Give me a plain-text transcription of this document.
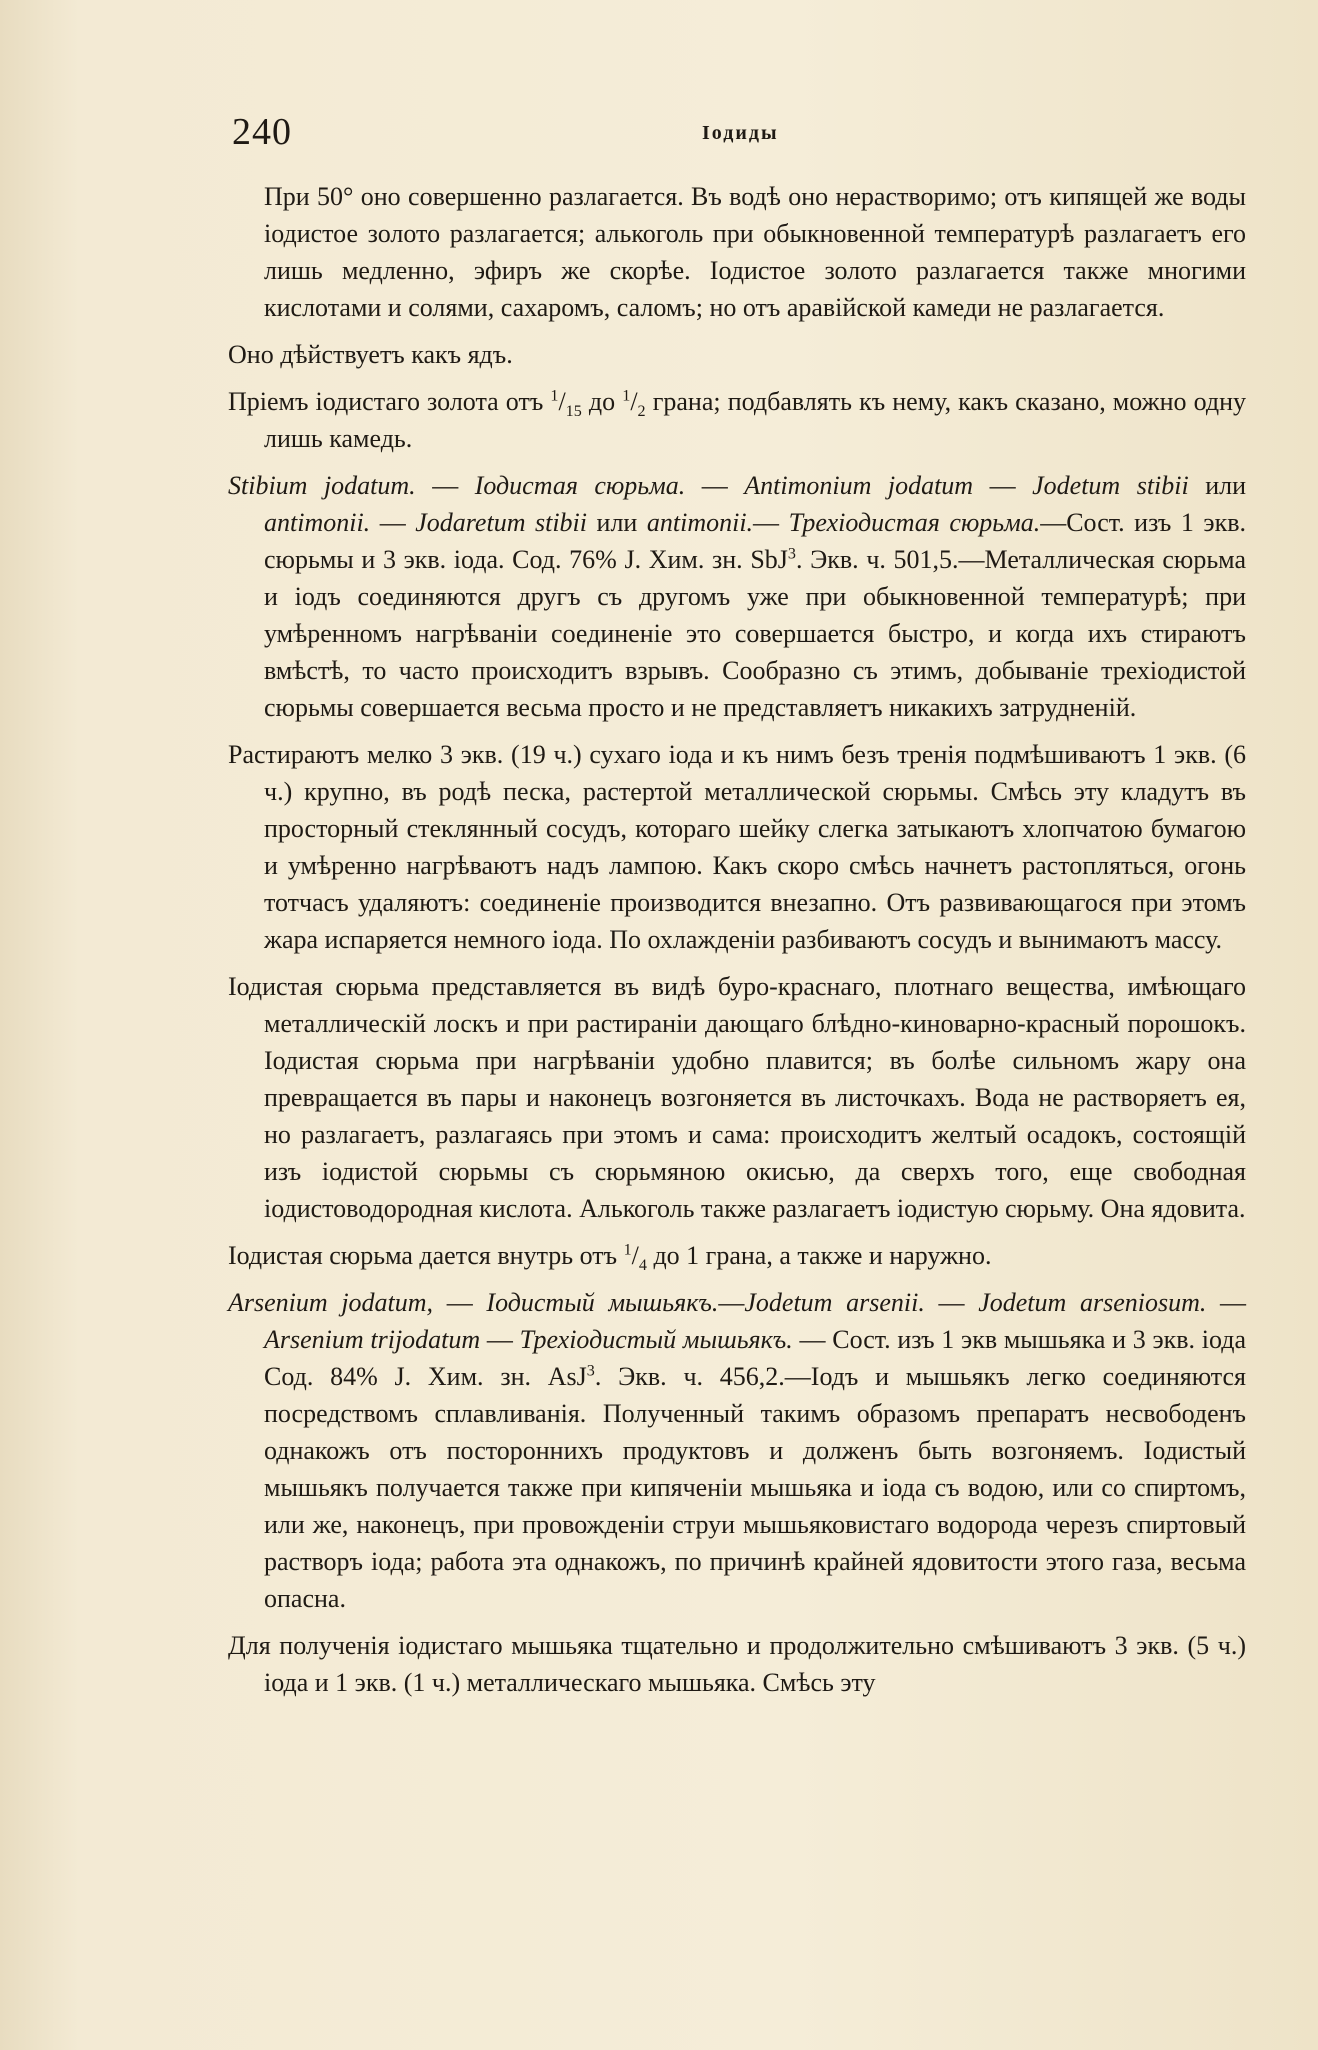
240	Іодиды

При 50° оно совершенно разлагается. Въ водѣ оно нерастворимо; отъ кипящей же воды іодистое золото разлагается; алькоголь при обыкновенной температурѣ разлагаетъ его лишь медленно, эфиръ же скорѣе. Іодистое золото разлагается также многими кислотами и солями, сахаромъ, саломъ; но отъ аравійской камеди не разлагается.

Оно дѣйствуетъ какъ ядъ.

Пріемъ іодистаго золота отъ $^1/_{15}$ до $^1/_2$ грана; подбавлять къ нему, какъ сказано, можно одну лишь камедь.

Stibium jodatum. — Іодистая сюрьма. — Antimonium jodatum — Jodetum stibii или antimonii. — Jodaretum stibii или antimonii.— Трехіодистая сюрьма.—Сост. изъ 1 экв. сюрьмы и 3 экв. іода. Сод. 76% J. Хим. зн. SbJ$^3$. Экв. ч. 501,5.—Металлическая сюрьма и іодъ соединяются другъ съ другомъ уже при обыкновенной температурѣ; при умѣренномъ нагрѣваніи соединеніе это совершается быстро, и когда ихъ стираютъ вмѣстѣ, то часто происходитъ взрывъ. Сообразно съ этимъ, добываніе трехіодистой сюрьмы совершается весьма просто и не представляетъ никакихъ затрудненій.

Растираютъ мелко 3 экв. (19 ч.) сухаго іода и къ нимъ безъ тренія подмѣшиваютъ 1 экв. (6 ч.) крупно, въ родѣ песка, растертой металлической сюрьмы. Смѣсь эту кладутъ въ просторный стеклянный сосудъ, котораго шейку слегка затыкаютъ хлопчатою бумагою и умѣренно нагрѣваютъ надъ лампою. Какъ скоро смѣсь начнетъ растопляться, огонь тотчасъ удаляютъ: соединеніе производится внезапно. Отъ развивающагося при этомъ жара испаряется немного іода. По охлажденіи разбиваютъ сосудъ и вынимаютъ массу.

Іодистая сюрьма представляется въ видѣ буро-краснаго, плотнаго вещества, имѣющаго металлическій лоскъ и при растираніи дающаго блѣдно-киноварно-красный порошокъ. Іодистая сюрьма при нагрѣваніи удобно плавится; въ болѣе сильномъ жару она превращается въ пары и наконецъ возгоняется въ листочкахъ. Вода не растворяетъ ея, но разлагаетъ, разлагаясь при этомъ и сама: происходитъ желтый осадокъ, состоящій изъ іодистой сюрьмы съ сюрьмяною окисью, да сверхъ того, еще свободная іодистоводородная кислота. Алькоголь также разлагаетъ іодистую сюрьму. Она ядовита.

Іодистая сюрьма дается внутрь отъ $^1/_4$ до 1 грана, а также и наружно.

Arsenium jodatum, — Іодистый мышьякъ.—Jodetum arsenii. — Jodetum arseniosum. — Arsenium trijodatum — Трехіодистый мышьякъ. — Сост. изъ 1 экв мышьяка и 3 экв. іода Сод. 84% J. Хим. зн. AsJ$^3$. Экв. ч. 456,2.—Іодъ и мышьякъ легко соединяются посредствомъ сплавливанія. Полученный такимъ образомъ препаратъ несвободенъ однакожъ отъ постороннихъ продуктовъ и долженъ быть возгоняемъ. Іодистый мышьякъ получается также при кипяченіи мышьяка и іода съ водою, или со спиртомъ, или же, наконецъ, при провожденіи струи мышьяковистаго водорода черезъ спиртовый растворъ іода; работа эта однакожъ, по причинѣ крайней ядовитости этого газа, весьма опасна.

Для полученія іодистаго мышьяка тщательно и продолжительно смѣшиваютъ 3 экв. (5 ч.) іода и 1 экв. (1 ч.) металлическаго мышьяка. Смѣсь эту
